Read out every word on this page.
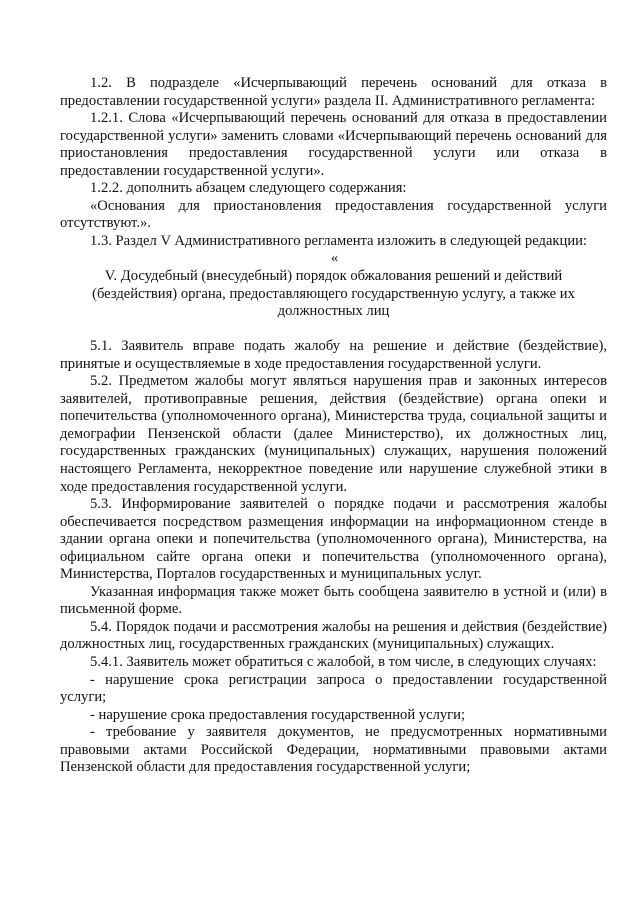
1.2. В подразделе «Исчерпывающий перечень оснований для отказа в предоставлении государственной услуги» раздела II. Административного регламента:

1.2.1. Слова «Исчерпывающий перечень оснований для отказа в предоставлении государственной услуги» заменить словами «Исчерпывающий перечень оснований для приостановления предоставления государственной услуги или отказа в предоставлении государственной услуги».

1.2.2. дополнить абзацем следующего содержания:

«Основания для приостановления предоставления государственной услуги отсутствуют.».

1.3. Раздел V Административного регламента изложить в следующей редакции:

«

V. Досудебный (внесудебный) порядок обжалования решений и действий (бездействия) органа, предоставляющего государственную услугу, а также их должностных лиц

5.1. Заявитель вправе подать жалобу на решение и действие (бездействие), принятые и осуществляемые в ходе предоставления государственной услуги.

5.2. Предметом жалобы могут являться нарушения прав и законных интересов заявителей, противоправные решения, действия (бездействие) органа опеки и попечительства (уполномоченного органа), Министерства труда, социальной защиты и демографии Пензенской области (далее Министерство), их должностных лиц, государственных гражданских (муниципальных) служащих, нарушения положений настоящего Регламента, некорректное поведение или нарушение служебной этики в ходе предоставления государственной услуги.

5.3. Информирование заявителей о порядке подачи и рассмотрения жалобы обеспечивается посредством размещения информации на информационном стенде в здании органа опеки и попечительства (уполномоченного органа), Министерства, на официальном сайте органа опеки и попечительства (уполномоченного органа), Министерства, Порталов государственных и муниципальных услуг.

Указанная информация также может быть сообщена заявителю в устной и (или) в письменной форме.

5.4. Порядок подачи и рассмотрения жалобы на решения и действия (бездействие) должностных лиц, государственных гражданских (муниципальных) служащих.

5.4.1. Заявитель может обратиться с жалобой, в том числе, в следующих случаях:

- нарушение срока регистрации запроса о предоставлении государственной услуги;

- нарушение срока предоставления государственной услуги;

- требование у заявителя документов, не предусмотренных нормативными правовыми актами Российской Федерации, нормативными правовыми актами Пензенской области для предоставления государственной услуги;
